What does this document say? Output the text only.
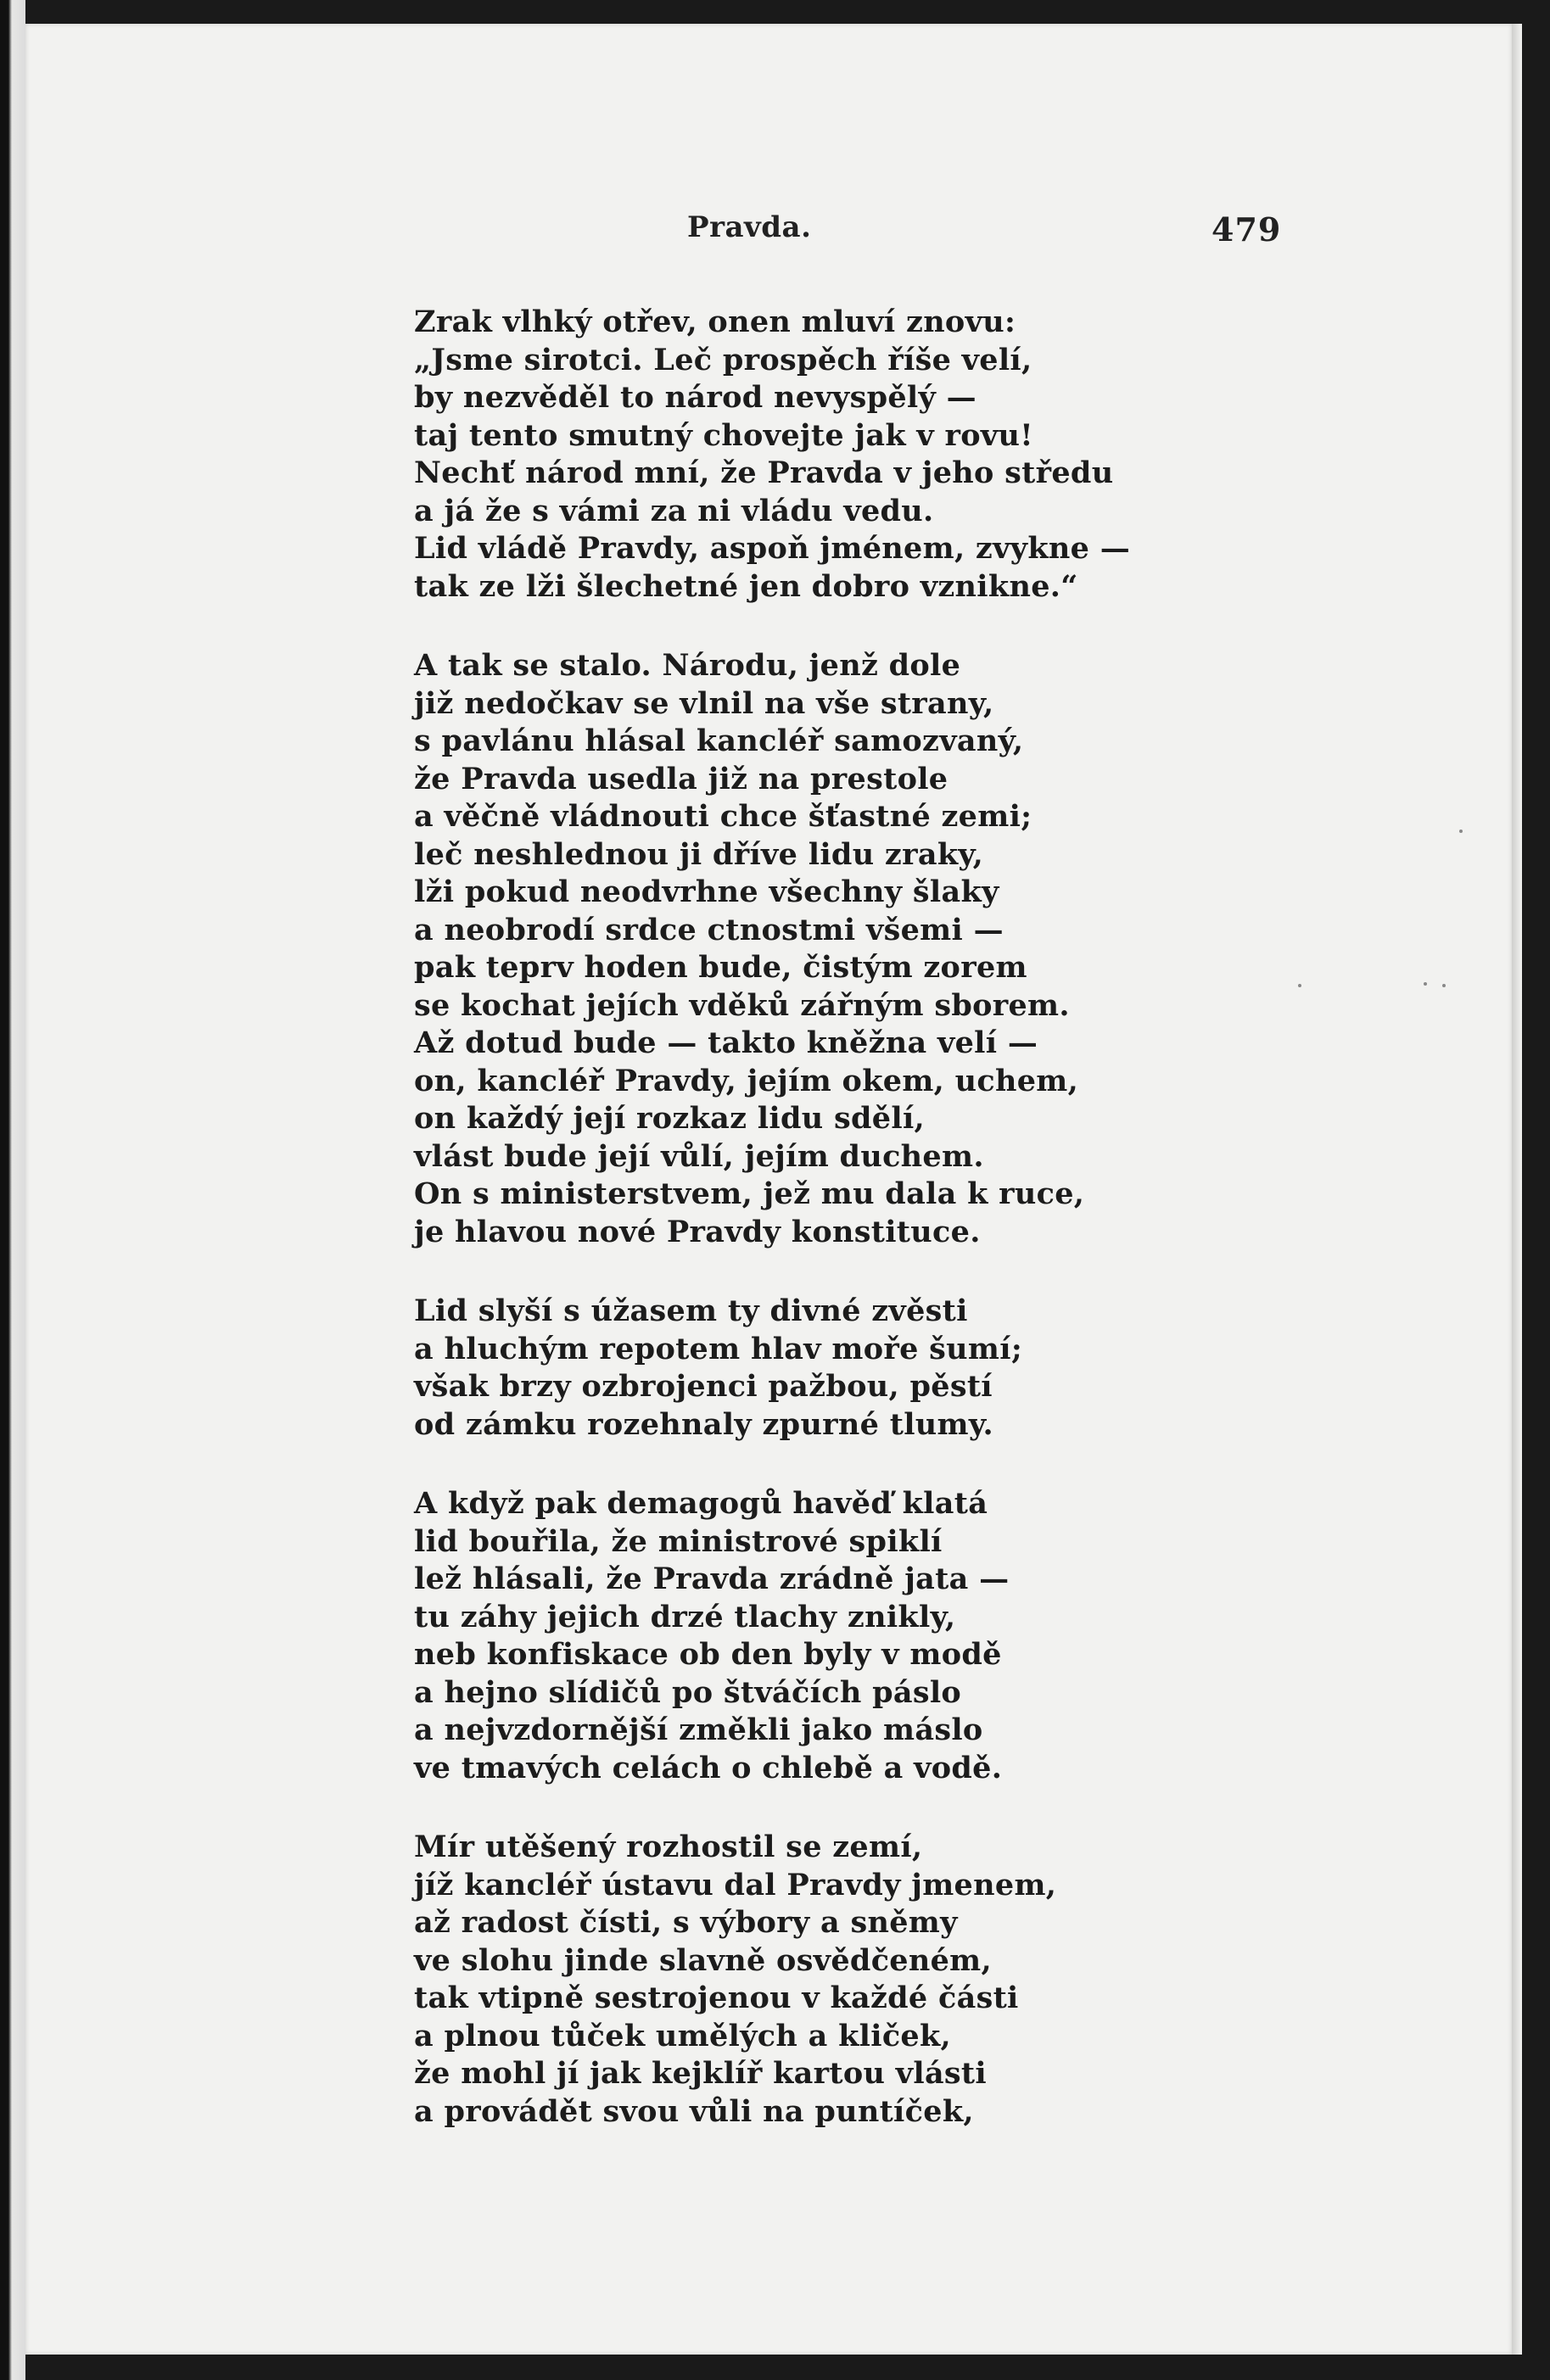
Pravda.	479
Zrak vlhký otřev, onen mluví znovu:
„Jsme sirotci. Leč prospěch říše velí,
by nezvěděl to národ nevyspělý —
taj tento smutný chovejte jak v rovu!
Nechť národ mní, že Pravda v jeho středu
a já že s vámi za ni vládu vedu.
Lid vládě Pravdy, aspoň jménem, zvykne —
tak ze lži šlechetné jen dobro vznikne.“
A tak se stalo. Národu, jenž dole
již nedočkav se vlnil na vše strany,
s pavlánu hlásal kancléř samozvaný,
že Pravda usedla již na prestole
a věčně vládnouti chce šťastné zemi;
leč neshlednou ji dříve lidu zraky,
lži pokud neodvrhne všechny šlaky
a neobrodí srdce ctnostmi všemi —
pak teprv hoden bude, čistým zorem
se kochat jejích vděků zářným sborem.
Až dotud bude — takto kněžna velí —
on, kancléř Pravdy, jejím okem, uchem,
on každý její rozkaz lidu sdělí,
vlást bude její vůlí, jejím duchem.
On s ministerstvem, jež mu dala k ruce,
je hlavou nové Pravdy konstituce.
Lid slyší s úžasem ty divné zvěsti
a hluchým repotem hlav moře šumí;
však brzy ozbrojenci pažbou, pěstí
od zámku rozehnaly zpurné tlumy.
A když pak demagogů havěď klatá
lid bouřila, že ministrové spiklí
lež hlásali, že Pravda zrádně jata —
tu záhy jejich drzé tlachy znikly,
neb konfiskace ob den byly v modě
a hejno slídičů po štváčích páslo
a nejvzdornější změkli jako máslo
ve tmavých celách o chlebě a vodě.
Mír utěšený rozhostil se zemí,
jíž kancléř ústavu dal Pravdy jmenem,
až radost čísti, s výbory a sněmy
ve slohu jinde slavně osvědčeném,
tak vtipně sestrojenou v každé části
a plnou tůček umělých a kliček,
že mohl jí jak kejklíř kartou vlásti
a provádět svou vůli na puntíček,
